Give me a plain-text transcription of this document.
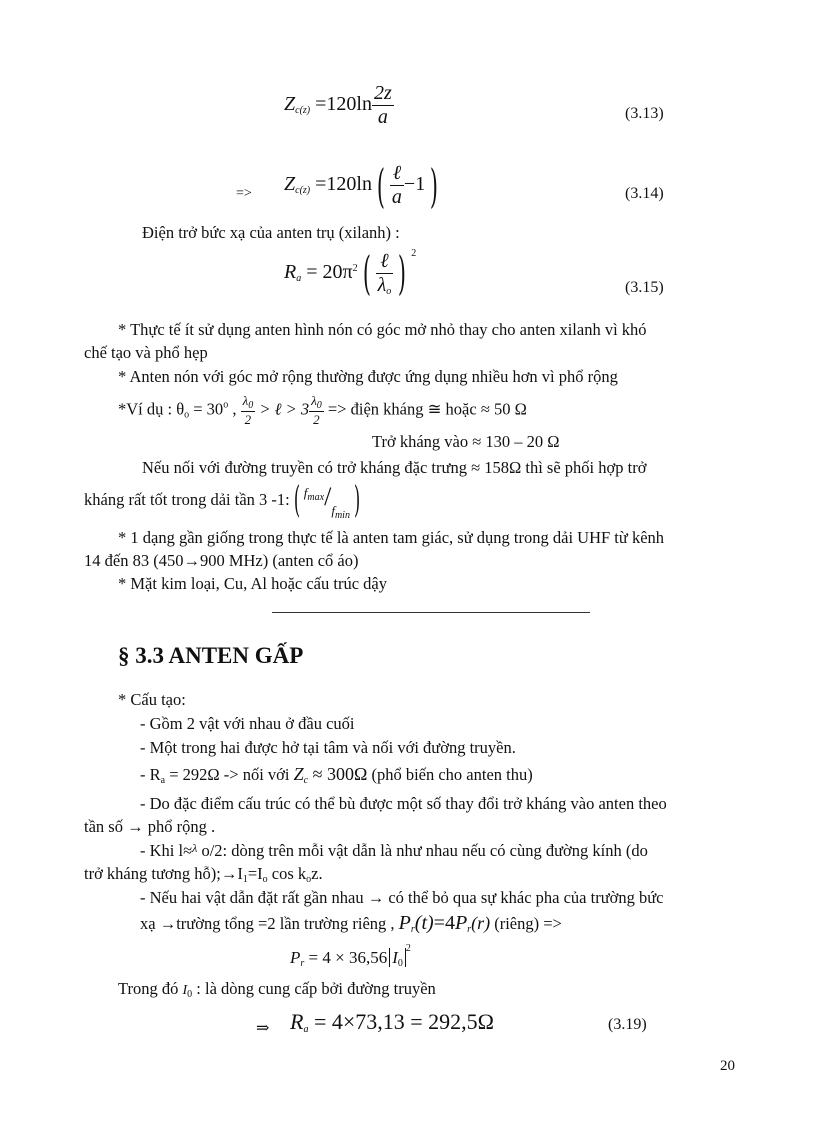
$Z_{c(z)} =120\ln \frac{2z}{a}$	(3.13)
=> $Z_{c(z)} =120\ln$ ( $\frac{\text{ℓ}}{a} -1$ )	(3.14)
Điện trở bức xạ của anten trụ (xilanh) :
$R_a = 20\pi^2$ ( $\frac{\text{ℓ}}{\lambda_o}$ ) $^2$
(3.15)
* Thực tế ít sử dụng anten hình nón có góc mở nhỏ thay cho anten xilanh vì khó
chế tạo và phổ hẹp
* Anten nón với góc mở rộng thường được ứng dụng nhiều hơn vì phổ rộng
*Ví dụ : $\theta_o = 30^o$ , $\frac{\lambda_0}{2}$ > ℓ > $3 \frac{\lambda_0}{2}$ => điện kháng ≅ hoặc ≈ 50 Ω
Trở kháng vào ≈ 130 – 20 Ω
Nếu nối với đường truyền có trở kháng đặc trưng ≈ 158Ω thì sẽ phối hợp trở
kháng rất tốt trong dải tần 3 -1: ( $^{f_{max}}/_{f_{min}}$ )
* 1 dạng gần giống trong thực tế là anten tam giác, sử dụng trong dải UHF từ kênh
14 đến 83 (450→900 MHz) (anten cổ áo)
* Mặt kim loại, Cu, Al hoặc cấu trúc dậy
§ 3.3 ANTEN GẤP
* Cấu tạo:
- Gồm 2 vật với nhau ở đầu cuối
- Một trong hai được hở tại tâm và nối với đường truyền.
- $R_a = 292\Omega$ -> nối với $Z_c \approx 300\Omega$ (phổ biến cho anten thu)
- Do đặc điểm cấu trúc có thể bù được một số thay đổi trở kháng vào anten theo
tần số → phổ rộng .
- Khi l≈$^\lambda$ o/2: dòng trên mỗi vật dẫn là như nhau nếu có cùng đường kính (do
trở kháng tương $hỗ);\to I_1=I_o$ $\cos k_oz$.
- Nếu hai vật dẫn đặt rất gần nhau → có thể bỏ qua sự khác pha của trường bức
xạ →trường tổng =2 lần trường riêng , $P_r(t)=4P_r(r)$ (riêng) =>
$P_r = 4 \times 36,56$ $I_0^2$
Trong đó $I_0$ : là dòng cung cấp bởi đường truyền
⇒ $R_a = 4\times 73,13 = 292,5\Omega$	(3.19)
20
